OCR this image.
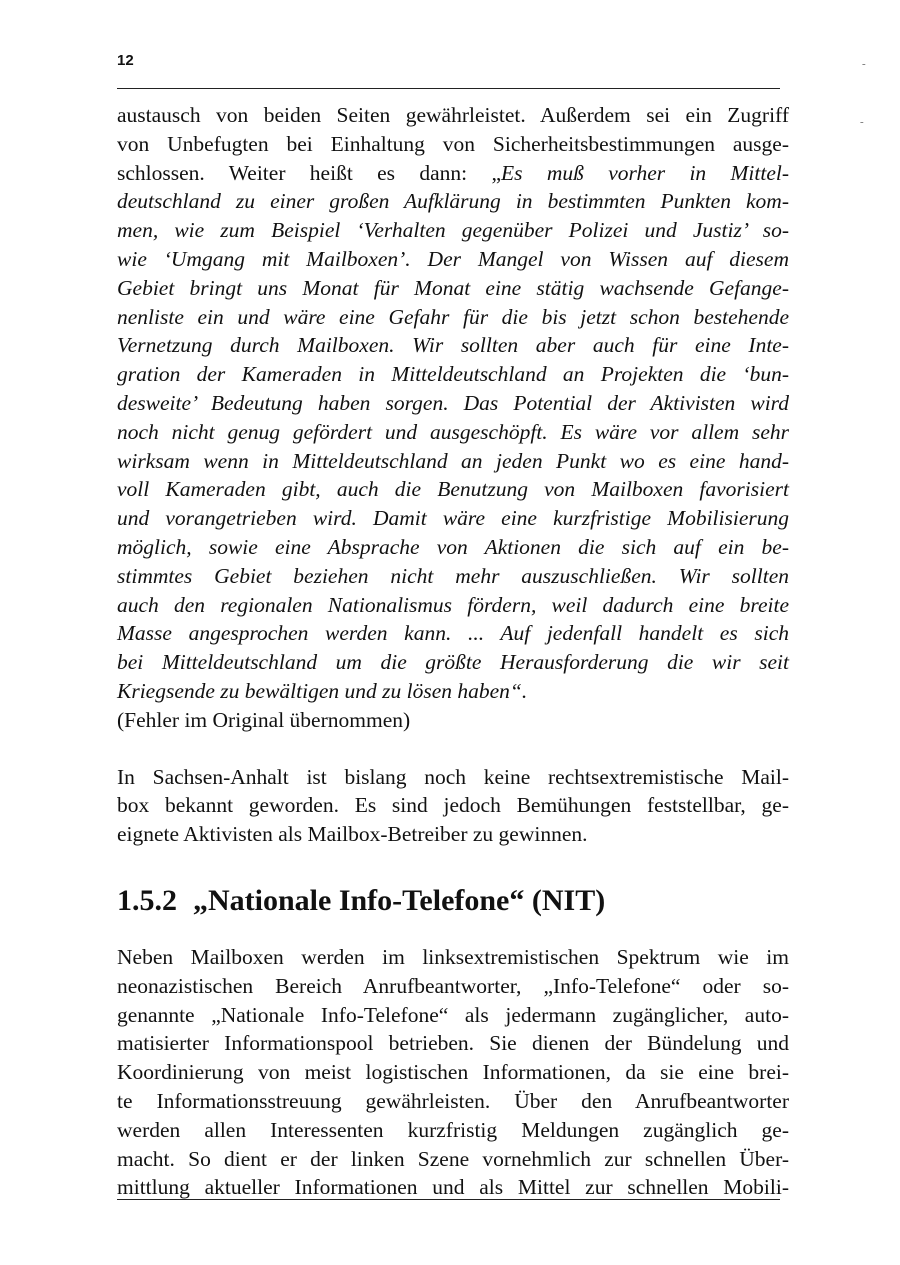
12	-
-
austausch von beiden Seiten gewährleistet. Außerdem sei ein Zugriff
von Unbefugten bei Einhaltung von Sicherheitsbestimmungen ausge-
schlossen. Weiter heißt es dann: „Es muß vorher in Mittel-
deutschland zu einer großen Aufklärung in bestimmten Punkten kom-
men, wie zum Beispiel ‘Verhalten gegenüber Polizei und Justiz’ so-
wie ‘Umgang mit Mailboxen’. Der Mangel von Wissen auf diesem
Gebiet bringt uns Monat für Monat eine stätig wachsende Gefange-
nenliste ein und wäre eine Gefahr für die bis jetzt schon bestehende
Vernetzung durch Mailboxen. Wir sollten aber auch für eine Inte-
gration der Kameraden in Mitteldeutschland an Projekten die ‘bun-
desweite’ Bedeutung haben sorgen. Das Potential der Aktivisten wird
noch nicht genug gefördert und ausgeschöpft. Es wäre vor allem sehr
wirksam wenn in Mitteldeutschland an jeden Punkt wo es eine hand-
voll Kameraden gibt, auch die Benutzung von Mailboxen favorisiert
und vorangetrieben wird. Damit wäre eine kurzfristige Mobilisierung
möglich, sowie eine Absprache von Aktionen die sich auf ein be-
stimmtes Gebiet beziehen nicht mehr auszuschließen. Wir sollten
auch den regionalen Nationalismus fördern, weil dadurch eine breite
Masse angesprochen werden kann. ... Auf jedenfall handelt es sich
bei Mitteldeutschland um die größte Herausforderung die wir seit
Kriegsende zu bewältigen und zu lösen haben“.
(Fehler im Original übernommen)
In Sachsen-Anhalt ist bislang noch keine rechtsextremistische Mail-
box bekannt geworden. Es sind jedoch Bemühungen feststellbar, ge-
eignete Aktivisten als Mailbox-Betreiber zu gewinnen.
1.5.2 „Nationale Info-Telefone“ (NIT)
Neben Mailboxen werden im linksextremistischen Spektrum wie im
neonazistischen Bereich Anrufbeantworter, „Info-Telefone“ oder so-
genannte „Nationale Info-Telefone“ als jedermann zugänglicher, auto-
matisierter Informationspool betrieben. Sie dienen der Bündelung und
Koordinierung von meist logistischen Informationen, da sie eine brei-
te Informationsstreuung gewährleisten. Über den Anrufbeantworter
werden allen Interessenten kurzfristig Meldungen zugänglich ge-
macht. So dient er der linken Szene vornehmlich zur schnellen Über-
mittlung aktueller Informationen und als Mittel zur schnellen Mobili-
